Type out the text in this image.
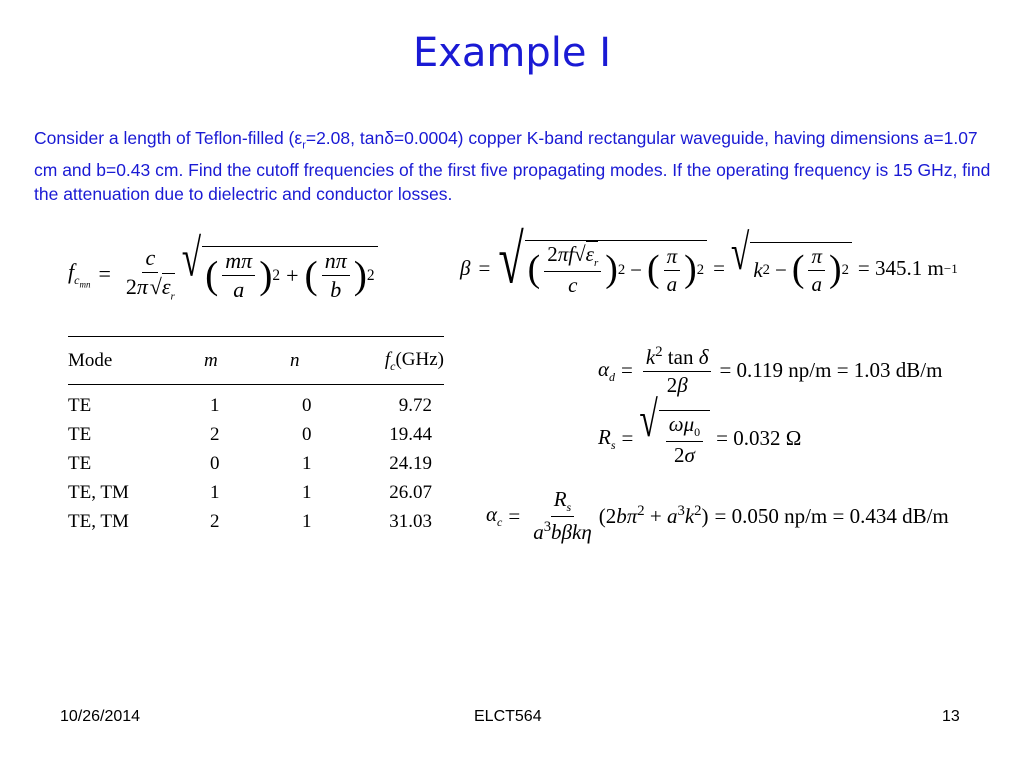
Example I
Consider a length of Teflon-filled ($\varepsilon_r=2.08$, tanδ=0.0004) copper K-band rectangular waveguide, having dimensions a=1.07 cm and b=0.43 cm. Find the cutoff frequencies of the first five propagating modes. If the operating frequency is 15 GHz, find the attenuation due to dielectric and conductor losses.
$f_{c_{mn}} = \frac{c}{2\pi √\varepsilon_r}$ √ ( $\frac{m\pi}{a}$ ) 2 + ( $\frac{n\pi}{b}$ ) 2	β = √ ( $\frac{2\pi f√\varepsilon_r}{c}$ ) 2 − ( $\frac{\pi}{a}$ ) 2 = √ k 2 − ( $\frac{\pi}{a}$ ) 2 = 345.1 m −1
Mode	m	n	$f_c(GHz)$

TE	1	0	9.72
TE	2	0	19.44
TE	0	1	24.19
TE, TM	1	1	26.07
TE, TM	2	1	31.03
$\alpha_d = \frac{k^2 \tan \delta}{2\beta} = 0.119$ np/m = 1.03 dB/m
$R_s$ = √ $\frac{\omega\mu_0}{2\sigma} = 0.032$ Ω
$\alpha_c = \frac{R_s}{a^3b\beta k\eta} (2b\pi^2 + a^3k^2) = 0.050$ np/m = 0.434 dB/m
10/26/2014	ELCT564	13
